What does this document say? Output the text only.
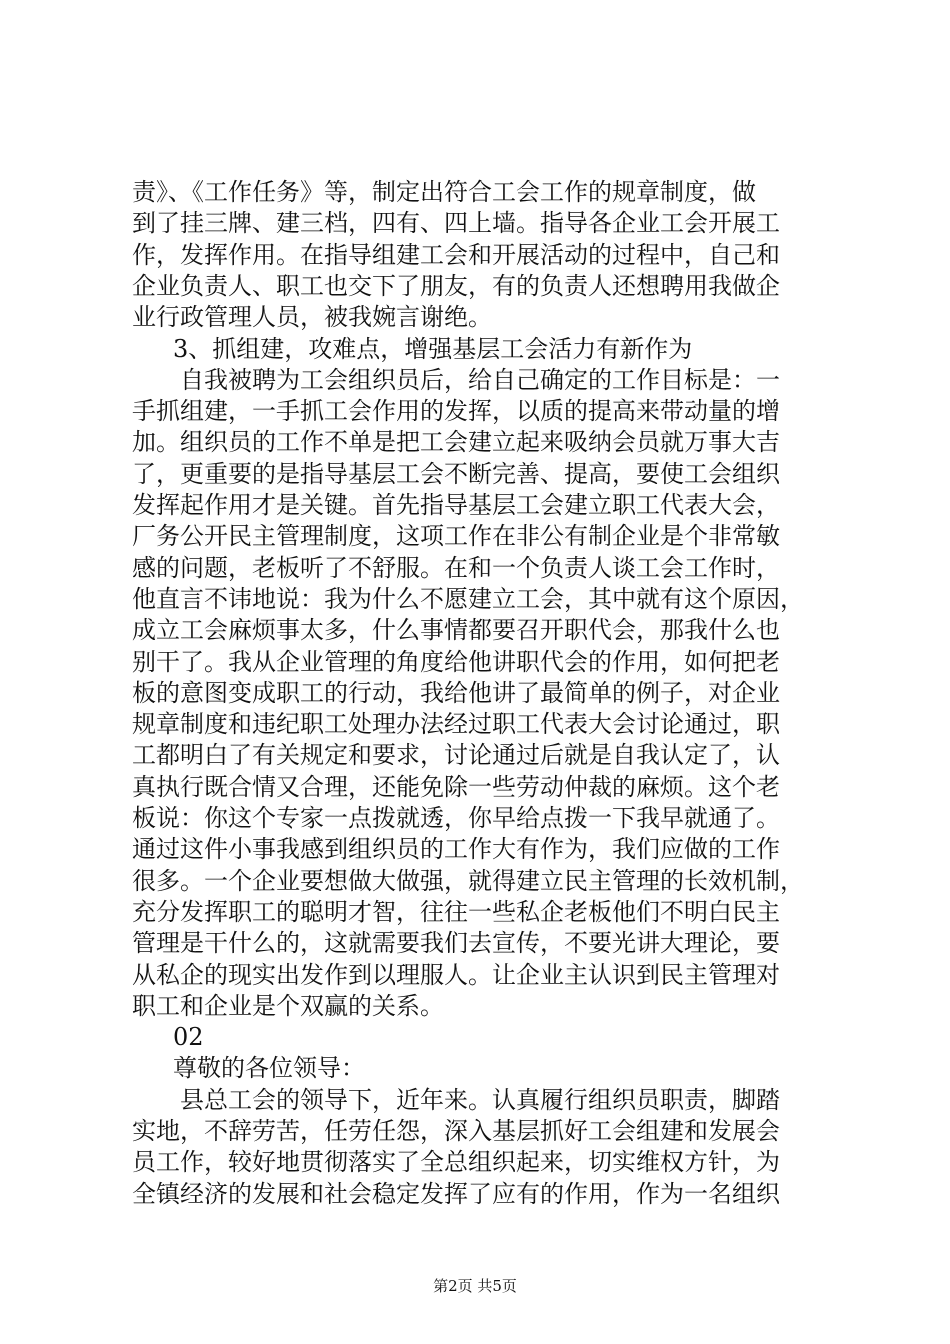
责》、《工作任务》等，制定出符合工会工作的规章制度，做
到了挂三牌、建三档，四有、四上墙。指导各企业工会开展工
作，发挥作用。在指导组建工会和开展活动的过程中，自己和
企业负责人、职工也交下了朋友，有的负责人还想聘用我做企
业行政管理人员，被我婉言谢绝。
3、抓组建，攻难点，增强基层工会活力有新作为
自我被聘为工会组织员后，给自己确定的工作目标是：一
手抓组建，一手抓工会作用的发挥，以质的提高来带动量的增
加。组织员的工作不单是把工会建立起来吸纳会员就万事大吉
了，更重要的是指导基层工会不断完善、提高，要使工会组织
发挥起作用才是关键。首先指导基层工会建立职工代表大会，
厂务公开民主管理制度，这项工作在非公有制企业是个非常敏
感的问题，老板听了不舒服。在和一个负责人谈工会工作时，
他直言不讳地说：我为什么不愿建立工会，其中就有这个原因，
成立工会麻烦事太多，什么事情都要召开职代会，那我什么也
别干了。我从企业管理的角度给他讲职代会的作用，如何把老
板的意图变成职工的行动，我给他讲了最简单的例子，对企业
规章制度和违纪职工处理办法经过职工代表大会讨论通过，职
工都明白了有关规定和要求，讨论通过后就是自我认定了，认
真执行既合情又合理，还能免除一些劳动仲裁的麻烦。这个老
板说：你这个专家一点拨就透，你早给点拨一下我早就通了。
通过这件小事我感到组织员的工作大有作为，我们应做的工作
很多。一个企业要想做大做强，就得建立民主管理的长效机制，
充分发挥职工的聪明才智，往往一些私企老板他们不明白民主
管理是干什么的，这就需要我们去宣传，不要光讲大理论，要
从私企的现实出发作到以理服人。让企业主认识到民主管理对
职工和企业是个双赢的关系。
02
尊敬的各位领导：
县总工会的领导下，近年来。认真履行组织员职责，脚踏
实地，不辞劳苦，任劳任怨，深入基层抓好工会组建和发展会
员工作，较好地贯彻落实了全总组织起来，切实维权方针，为
全镇经济的发展和社会稳定发挥了应有的作用，作为一名组织
第2页 共5页
